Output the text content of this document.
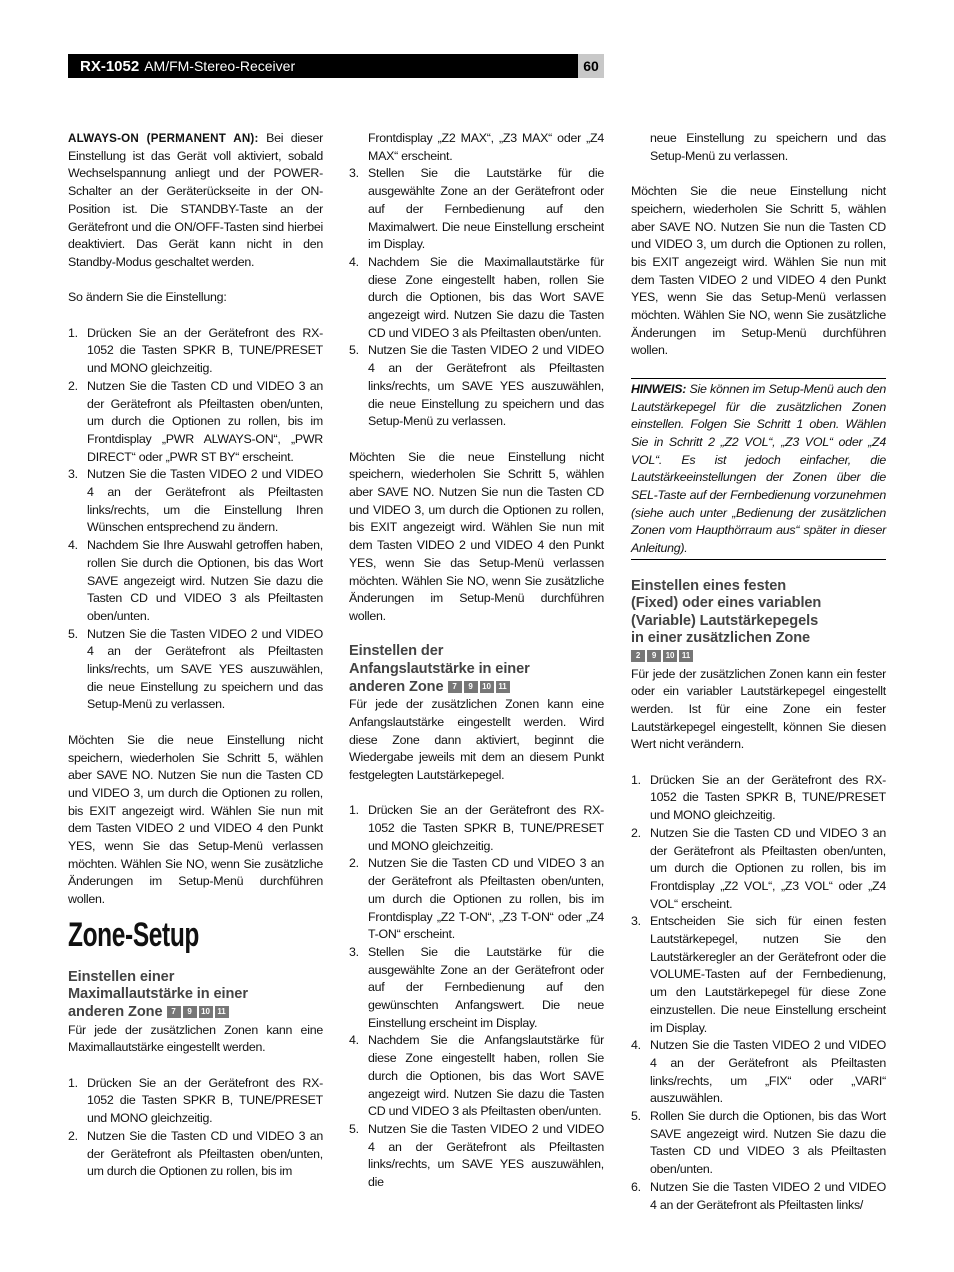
RX-1052 AM/FM-Stereo-Receiver	60

ALWAYS-ON (PERMANENT AN): Bei dieser Einstellung ist das Gerät voll aktiviert, sobald Wechselspannung anliegt und der POWER-Schalter an der Geräterückseite in der ON-Position ist. Die STANDBY-Taste an der Gerätefront und die ON/OFF-Tasten sind hierbei deaktiviert. Das Gerät kann nicht in den Standby-Modus geschaltet werden.

So ändern Sie die Einstellung:

1. Drücken Sie an der Gerätefront des RX-1052 die Tasten SPKR B, TUNE/PRESET und MONO gleichzeitig.
2. Nutzen Sie die Tasten CD und VIDEO 3 an der Gerätefront als Pfeiltasten oben/unten, um durch die Optionen zu rollen, bis im Frontdisplay „PWR ALWAYS-ON“, „PWR DIRECT“ oder „PWR ST BY“ erscheint.
3. Nutzen Sie die Tasten VIDEO 2 und VIDEO 4 an der Gerätefront als Pfeiltasten links/rechts, um die Einstellung Ihren Wünschen entsprechend zu ändern.
4. Nachdem Sie Ihre Auswahl getroffen haben, rollen Sie durch die Optionen, bis das Wort SAVE angezeigt wird. Nutzen Sie dazu die Tasten CD und VIDEO 3 als Pfeiltasten oben/unten.
5. Nutzen Sie die Tasten VIDEO 2 und VIDEO 4 an der Gerätefront als Pfeiltasten links/rechts, um SAVE YES auszuwählen, die neue Einstellung zu speichern und das Setup-Menü zu verlassen.

Möchten Sie die neue Einstellung nicht speichern, wiederholen Sie Schritt 5, wählen aber SAVE NO. Nutzen Sie nun die Tasten CD und VIDEO 3, um durch die Optionen zu rollen, bis EXIT angezeigt wird. Wählen Sie nun mit dem Tasten VIDEO 2 und VIDEO 4 den Punkt YES, wenn Sie das Setup-Menü verlassen möchten. Wählen Sie NO, wenn Sie zusätzliche Änderungen im Setup-Menü durchführen wollen.

Zone-Setup
Einstellen einer
Maximallautstärke in einer
anderen Zone	7	9	10 11

Für jede der zusätzlichen Zonen kann eine Maximallautstärke eingestellt werden.

1. Drücken Sie an der Gerätefront des RX-1052 die Tasten SPKR B, TUNE/PRESET und MONO gleichzeitig.
2. Nutzen Sie die Tasten CD und VIDEO 3 an der Gerätefront als Pfeiltasten oben/unten, um durch die Optionen zu rollen, bis im
Frontdisplay „Z2 MAX“, „Z3 MAX“ oder „Z4 MAX“ erscheint.
3. Stellen Sie die Lautstärke für die ausgewählte Zone an der Gerätefront oder auf der Fernbedienung auf den Maximalwert. Die neue Einstellung erscheint im Display.
4. Nachdem Sie die Maximallautstärke für diese Zone eingestellt haben, rollen Sie durch die Optionen, bis das Wort SAVE angezeigt wird. Nutzen Sie dazu die Tasten CD und VIDEO 3 als Pfeiltasten oben/unten.
5. Nutzen Sie die Tasten VIDEO 2 und VIDEO 4 an der Gerätefront als Pfeiltasten links/rechts, um SAVE YES auszuwählen, die neue Einstellung zu speichern und das Setup-Menü zu verlassen.

Möchten Sie die neue Einstellung nicht speichern, wiederholen Sie Schritt 5, wählen aber SAVE NO. Nutzen Sie nun die Tasten CD und VIDEO 3, um durch die Optionen zu rollen, bis EXIT angezeigt wird. Wählen Sie nun mit dem Tasten VIDEO 2 und VIDEO 4 den Punkt YES, wenn Sie das Setup-Menü verlassen möchten. Wählen Sie NO, wenn Sie zusätzliche Änderungen im Setup-Menü durchführen wollen.

Einstellen der
Anfangslautstärke in einer
anderen Zone	7	9	10 11

Für jede der zusätzlichen Zonen kann eine Anfangslautstärke eingestellt werden. Wird diese Zone dann aktiviert, beginnt die Wiedergabe jeweils mit dem an diesem Punkt festgelegten Lautstärkepegel.

1. Drücken Sie an der Gerätefront des RX-1052 die Tasten SPKR B, TUNE/PRESET und MONO gleichzeitig.
2. Nutzen Sie die Tasten CD und VIDEO 3 an der Gerätefront als Pfeiltasten oben/unten, um durch die Optionen zu rollen, bis im Frontdisplay „Z2 T-ON“, „Z3 T-ON“ oder „Z4 T-ON“ erscheint.
3. Stellen Sie die Lautstärke für die ausgewählte Zone an der Gerätefront oder auf der Fernbedienung auf den gewünschten Anfangswert. Die neue Einstellung erscheint im Display.
4. Nachdem Sie die Anfangslautstärke für diese Zone eingestellt haben, rollen Sie durch die Optionen, bis das Wort SAVE angezeigt wird. Nutzen Sie dazu die Tasten CD und VIDEO 3 als Pfeiltasten oben/unten.
5. Nutzen Sie die Tasten VIDEO 2 und VIDEO 4 an der Gerätefront als Pfeiltasten links/rechts, um SAVE YES auszuwählen, die
neue Einstellung zu speichern und das Setup-Menü zu verlassen.

Möchten Sie die neue Einstellung nicht speichern, wiederholen Sie Schritt 5, wählen aber SAVE NO. Nutzen Sie nun die Tasten CD und VIDEO 3, um durch die Optionen zu rollen, bis EXIT angezeigt wird. Wählen Sie nun mit dem Tasten VIDEO 2 und VIDEO 4 den Punkt YES, wenn Sie das Setup-Menü verlassen möchten. Wählen Sie NO, wenn Sie zusätzliche Änderungen im Setup-Menü durchführen wollen.

HINWEIS: Sie können im Setup-Menü auch den Lautstärkepegel für die zusätzlichen Zonen einstellen. Folgen Sie Schritt 1 oben. Wählen Sie in Schritt 2 „Z2 VOL“, „Z3 VOL“ oder „Z4 VOL“. Es ist jedoch einfacher, die Lautstärkeeinstellungen der Zonen über die SEL-Taste auf der Fernbedienung vorzunehmen (siehe auch unter „Bedienung der zusätzlichen Zonen vom Haupthörraum aus“ später in dieser Anleitung).

Einstellen eines festen
(Fixed) oder eines variablen
(Variable) Lautstärkepegels
in einer zusätzlichen Zone
2	9	10 11

Für jede der zusätzlichen Zonen kann ein fester oder ein variabler Lautstärkepegel eingestellt werden. Ist für eine Zone ein fester Lautstärkepegel eingestellt, können Sie diesen Wert nicht verändern.

1. Drücken Sie an der Gerätefront des RX-1052 die Tasten SPKR B, TUNE/PRESET und MONO gleichzeitig.
2. Nutzen Sie die Tasten CD und VIDEO 3 an der Gerätefront als Pfeiltasten oben/unten, um durch die Optionen zu rollen, bis im Frontdisplay „Z2 VOL“, „Z3 VOL“ oder „Z4 VOL“ erscheint.
3. Entscheiden Sie sich für einen festen Lautstärkepegel, nutzen Sie den Lautstärkeregler an der Gerätefront oder die VOLUME-Tasten auf der Fernbedienung, um den Lautstärkepegel für diese Zone einzustellen. Die neue Einstellung erscheint im Display.
4. Nutzen Sie die Tasten VIDEO 2 und VIDEO 4 an der Gerätefront als Pfeiltasten links/rechts, um „FIX“ oder „VARI“ auszuwählen.
5. Rollen Sie durch die Optionen, bis das Wort SAVE angezeigt wird. Nutzen Sie dazu die Tasten CD und VIDEO 3 als Pfeiltasten oben/unten.
6. Nutzen Sie die Tasten VIDEO 2 und VIDEO 4 an der Gerätefront als Pfeiltasten links/
